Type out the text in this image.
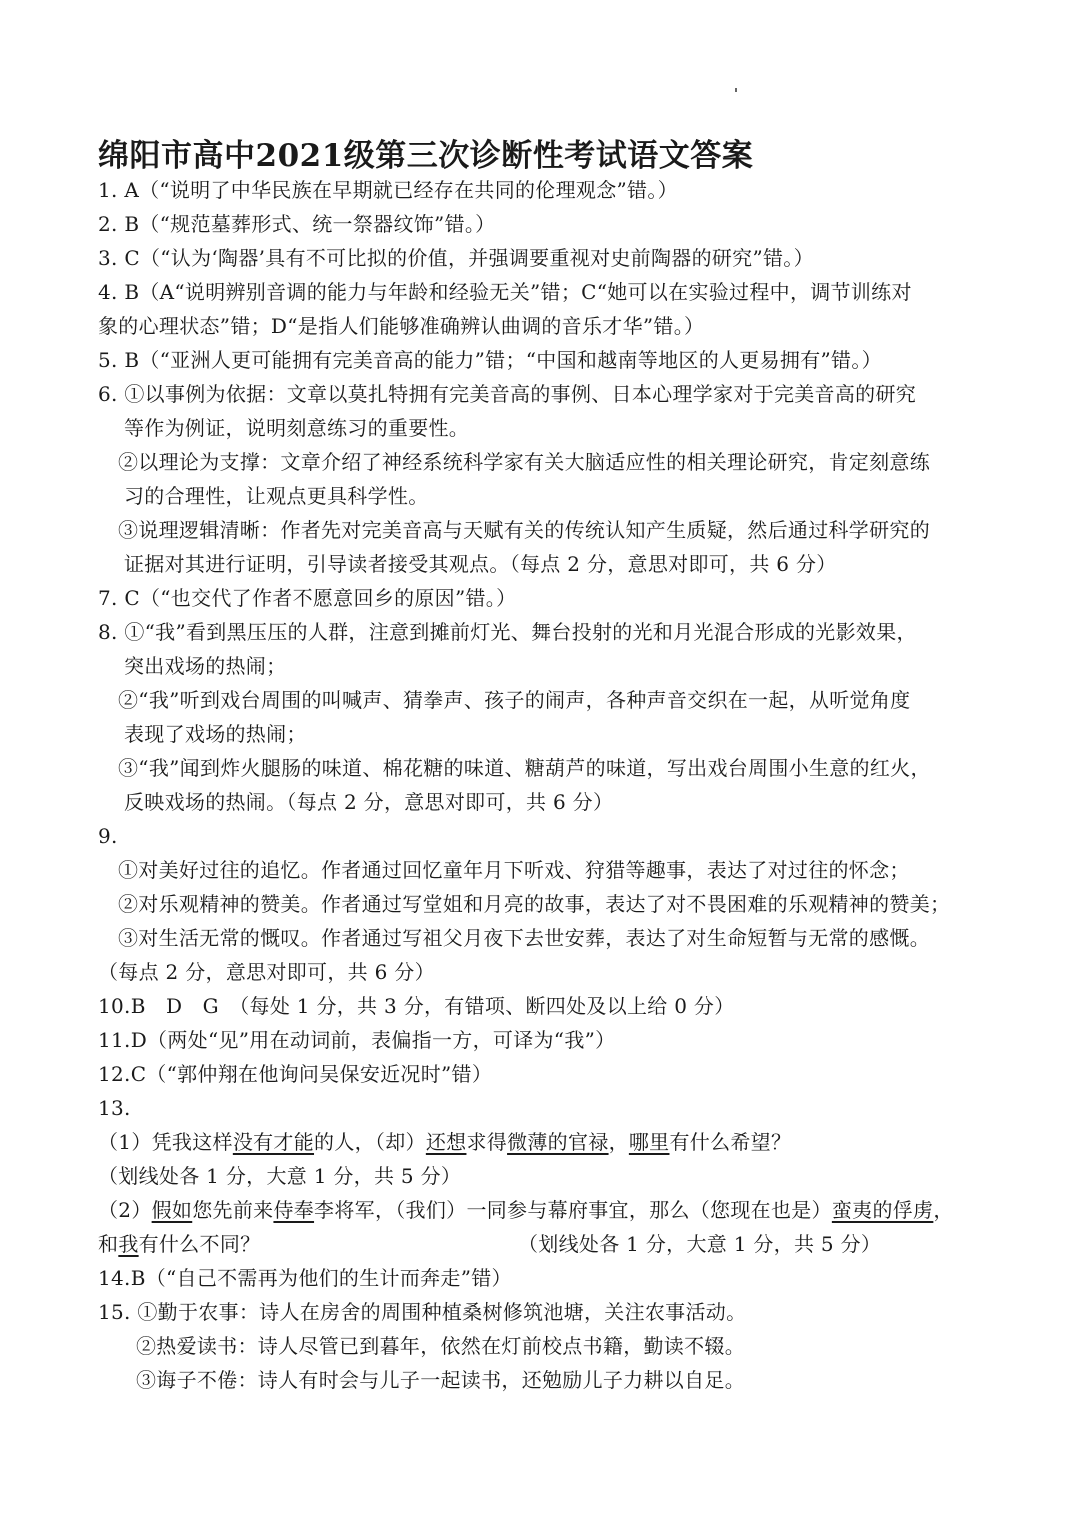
绵阳市高中2021级第三次诊断性考试语文答案
1. A（“说明了中华民族在早期就已经存在共同的伦理观念”错。）
2. B（“规范墓葬形式、统一祭器纹饰”错。）
3. C（“认为‘陶器’具有不可比拟的价值，并强调要重视对史前陶器的研究”错。）
4. B（A“说明辨别音调的能力与年龄和经验无关”错；C“她可以在实验过程中，调节训练对
象的心理状态”错；D“是指人们能够准确辨认曲调的音乐才华”错。）
5. B（“亚洲人更可能拥有完美音高的能力”错；“中国和越南等地区的人更易拥有”错。）
6. ①以事例为依据：文章以莫扎特拥有完美音高的事例、日本心理学家对于完美音高的研究
等作为例证，说明刻意练习的重要性。
②以理论为支撑：文章介绍了神经系统科学家有关大脑适应性的相关理论研究，肯定刻意练
习的合理性，让观点更具科学性。
③说理逻辑清晰：作者先对完美音高与天赋有关的传统认知产生质疑，然后通过科学研究的
证据对其进行证明，引导读者接受其观点。（每点 2 分，意思对即可，共 6 分）
7. C（“也交代了作者不愿意回乡的原因”错。）
8. ①“我”看到黑压压的人群，注意到摊前灯光、舞台投射的光和月光混合形成的光影效果，
突出戏场的热闹；
②“我”听到戏台周围的叫喊声、猜拳声、孩子的闹声，各种声音交织在一起，从听觉角度
表现了戏场的热闹；
③“我”闻到炸火腿肠的味道、棉花糖的味道、糖葫芦的味道，写出戏台周围小生意的红火，
反映戏场的热闹。（每点 2 分，意思对即可，共 6 分）
9.
①对美好过往的追忆。作者通过回忆童年月下听戏、狩猎等趣事，表达了对过往的怀念；
②对乐观精神的赞美。作者通过写堂姐和月亮的故事，表达了对不畏困难的乐观精神的赞美；
③对生活无常的慨叹。作者通过写祖父月夜下去世安葬，表达了对生命短暂与无常的感慨。
（每点 2 分，意思对即可，共 6 分）
10.B　D　G　（每处 1 分，共 3 分，有错项、断四处及以上给 0 分）
11.D（两处“见”用在动词前，表偏指一方，可译为“我”）
12.C（“郭仲翔在他询问吴保安近况时”错）
13.
（1）凭我这样没有才能的人，（却）还想求得微薄的官禄，哪里有什么希望？
（划线处各 1 分，大意 1 分，共 5 分）
（2）假如您先前来侍奉李将军，（我们）一同参与幕府事宜，那么（您现在也是）蛮夷的俘虏，
和我有什么不同？	（划线处各 1 分，大意 1 分，共 5 分）
14.B（“自己不需再为他们的生计而奔走”错）
15. ①勤于农事：诗人在房舍的周围种植桑树修筑池塘，关注农事活动。
②热爱读书：诗人尽管已到暮年，依然在灯前校点书籍，勤读不辍。
③诲子不倦：诗人有时会与儿子一起读书，还勉励儿子力耕以自足。
